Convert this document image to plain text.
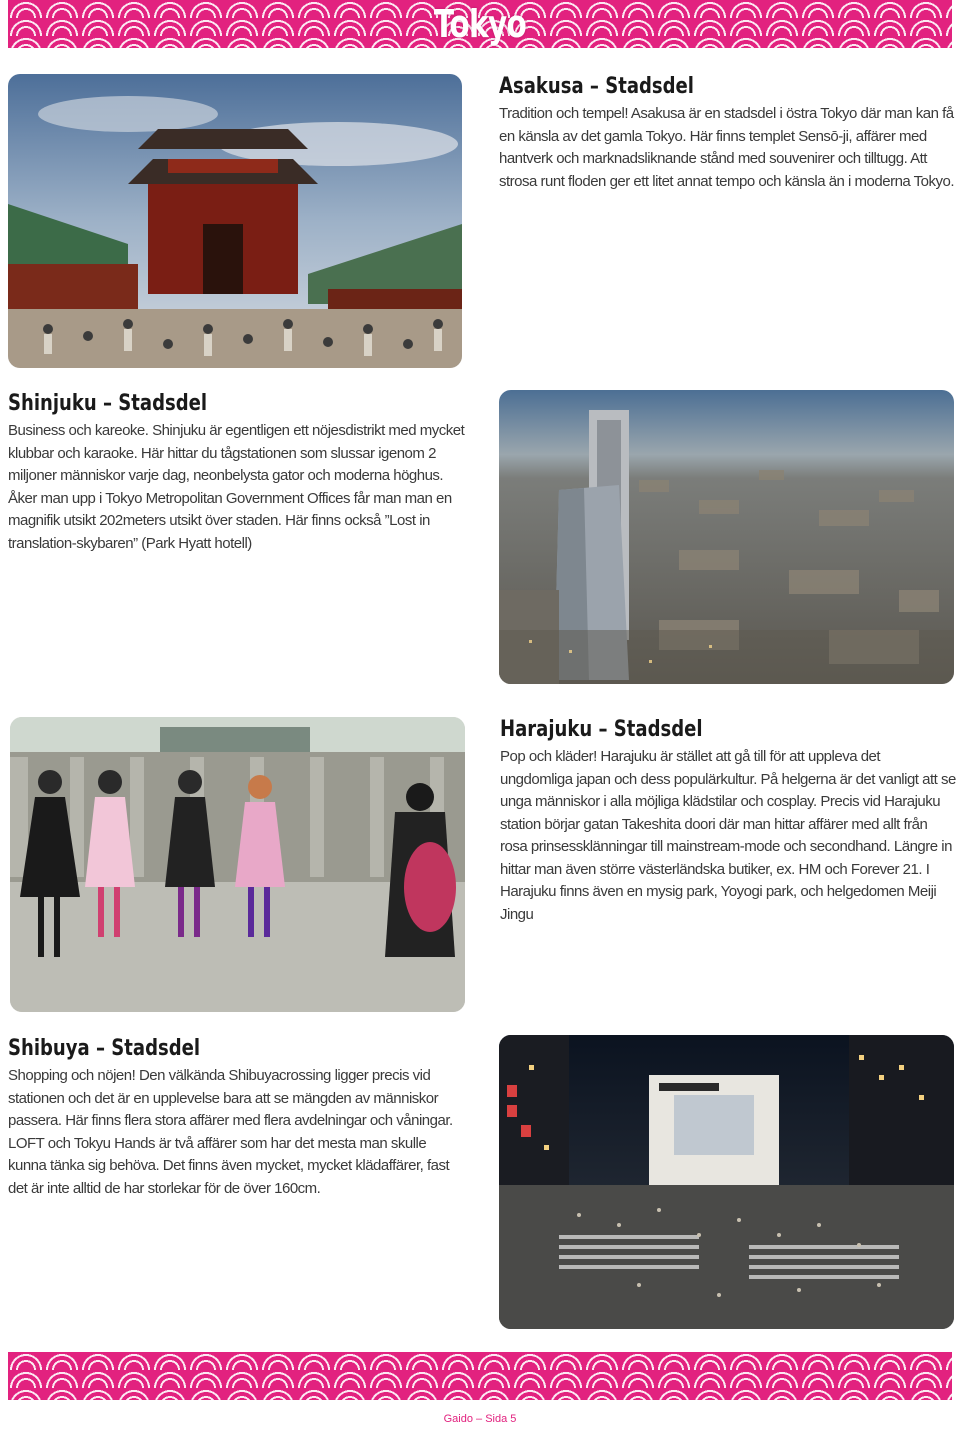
Tokyo
Asakusa – Stadsdel

Tradition och tempel! Asakusa är en stadsdel i östra Tokyo där man kan få en känsla av det gamla Tokyo. Här finns templet Sensō-ji, affärer med hantverk och marknadsliknande stånd med souvenirer och tilltugg. Att strosa runt floden ger ett litet annat tempo och känsla än i moderna Tokyo.

Shinjuku – Stadsdel

Business och kareoke. Shinjuku är egentligen ett nöjesdistrikt med mycket klubbar och karaoke. Här hittar du tågstationen som slussar igenom 2 miljoner människor varje dag, neonbelysta gator och moderna höghus. Åker man upp i Tokyo Metropolitan Government Offices får man man en magnifik utsikt 202meters utsikt över staden. Här finns också ”Lost in translation-skybaren” (Park Hyatt hotell)

Harajuku – Stadsdel

Pop och kläder! Harajuku är stället att gå till för att uppleva det ungdomliga japan och dess populärkultur. På helgerna är det vanligt att se unga människor i alla möjliga klädstilar och cosplay. Precis vid Harajuku station börjar gatan Takeshita doori där man hittar affärer med allt från rosa prinsessklänningar till mainstream-mode och secondhand. Längre in hittar man även större västerländska butiker, ex. HM och Forever 21. I Harajuku finns även en mysig park, Yoyogi park, och helgedomen Meiji Jingu

Shibuya – Stadsdel

Shopping och nöjen! Den välkända Shibuyacrossing ligger precis vid stationen och det är en upplevelse bara att se mängden av människor passera. Här finns flera stora affärer med flera avdelningar och våningar. LOFT och Tokyu Hands är två affärer som har det mesta man skulle kunna tänka sig behöva. Det finns även mycket, mycket klädaffärer, fast det är inte alltid de har storlekar för de över 160cm.

Gaido – Sida 5
